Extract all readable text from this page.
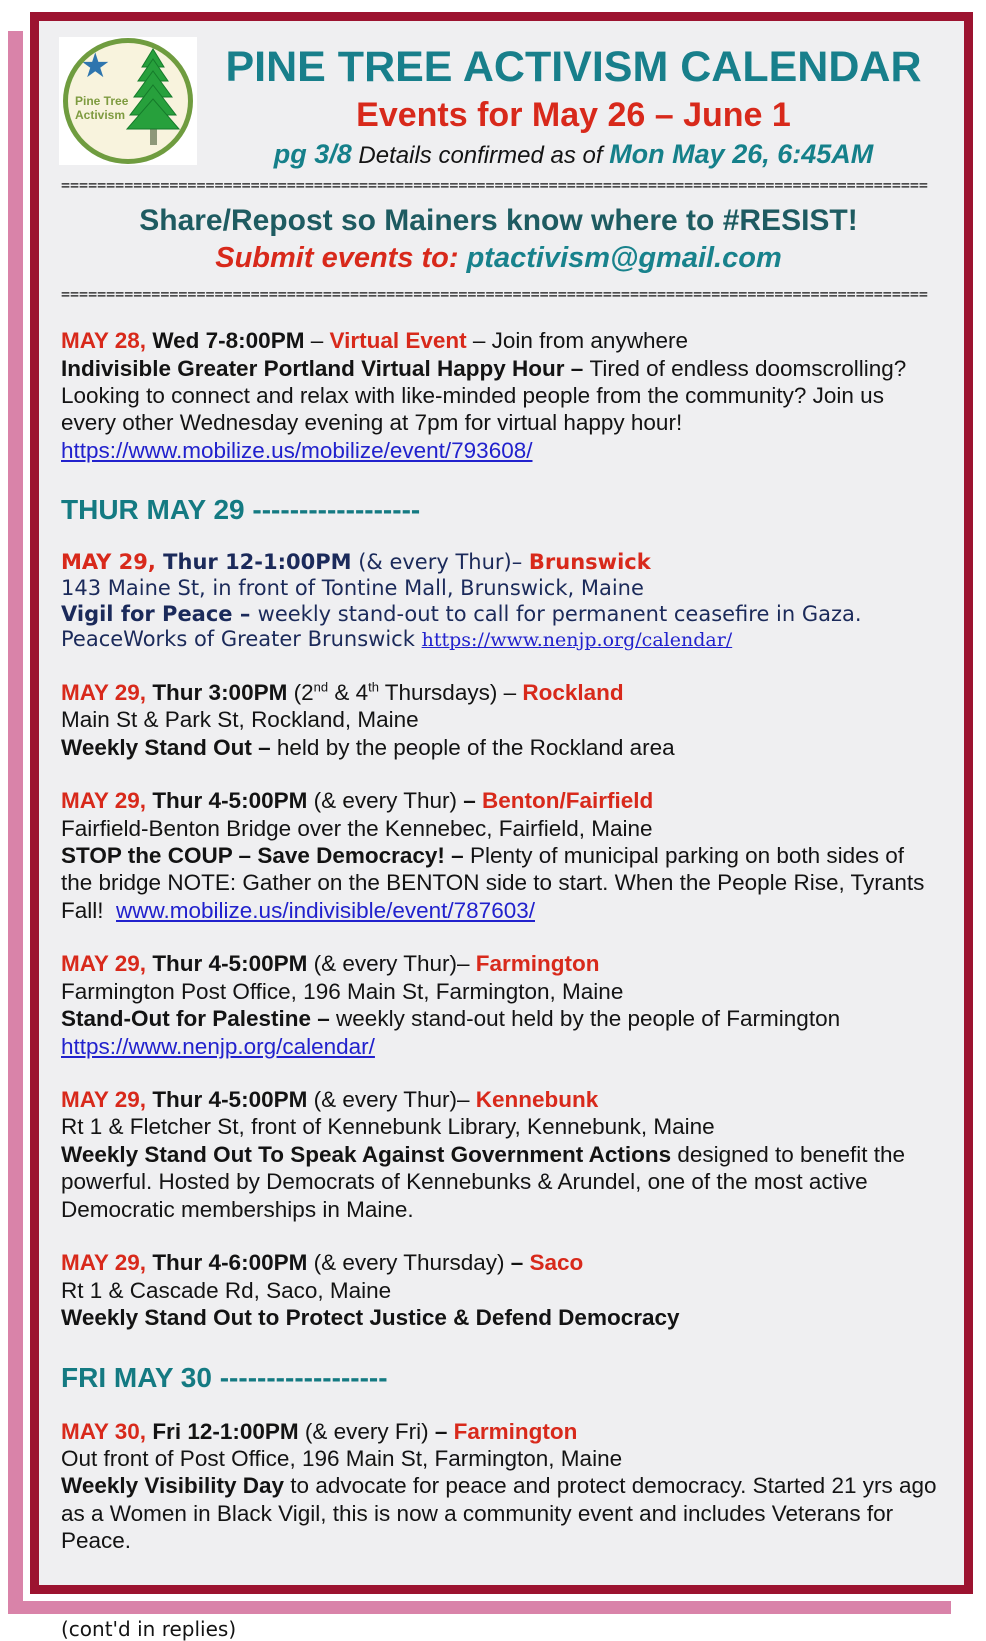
★
Pine Tree
Activism
PINE TREE ACTIVISM CALENDAR
Events for May 26 – June 1
pg 3/8 Details confirmed as of Mon May 26, 6:45AM
================================================================================================
Share/Repost so Mainers know where to #RESIST!
Submit events to: ptactivism@gmail.com
================================================================================================
MAY 28, Wed 7-8:00PM – Virtual Event – Join from anywhere
Indivisible Greater Portland Virtual Happy Hour – Tired of endless doomscrolling? Looking to connect and relax with like-minded people from the community? Join us every other Wednesday evening at 7pm for virtual happy hour!   https://www.mobilize.us/mobilize/event/793608/
THUR MAY 29 ------------------
MAY 29, Thur 12-1:00PM (& every Thur)– Brunswick
143 Maine St, in front of Tontine Mall, Brunswick, Maine
Vigil for Peace – weekly stand-out to call for permanent ceasefire in Gaza. PeaceWorks of Greater Brunswick https://www.nenjp.org/calendar/
MAY 29, Thur 3:00PM (2nd & 4th Thursdays) – Rockland
Main St & Park St, Rockland, Maine
Weekly Stand Out – held by the people of the Rockland area
MAY 29, Thur 4-5:00PM (& every Thur) – Benton/Fairfield
Fairfield-Benton Bridge over the Kennebec, Fairfield, Maine
STOP the COUP – Save Democracy! – Plenty of municipal parking on both sides of the bridge NOTE: Gather on the BENTON side to start. When the People Rise, Tyrants Fall!  www.mobilize.us/indivisible/event/787603/
MAY 29, Thur 4-5:00PM (& every Thur)– Farmington
Farmington Post Office, 196 Main St, Farmington, Maine
Stand-Out for Palestine – weekly stand-out held by the people of Farmington https://www.nenjp.org/calendar/
MAY 29, Thur 4-5:00PM (& every Thur)– Kennebunk
Rt 1 & Fletcher St, front of Kennebunk Library, Kennebunk, Maine
Weekly Stand Out To Speak Against Government Actions designed to benefit the powerful. Hosted by Democrats of Kennebunks & Arundel, one of the most active Democratic memberships in Maine.
MAY 29, Thur 4-6:00PM (& every Thursday) – Saco
Rt 1 & Cascade Rd, Saco, Maine
Weekly Stand Out to Protect Justice & Defend Democracy
FRI MAY 30 ------------------
MAY 30, Fri 12-1:00PM (& every Fri) – Farmington
Out front of Post Office, 196 Main St, Farmington, Maine
Weekly Visibility Day to advocate for peace and protect democracy. Started 21 yrs ago as a Women in Black Vigil, this is now a community event and includes Veterans for Peace.
(cont'd in replies)
